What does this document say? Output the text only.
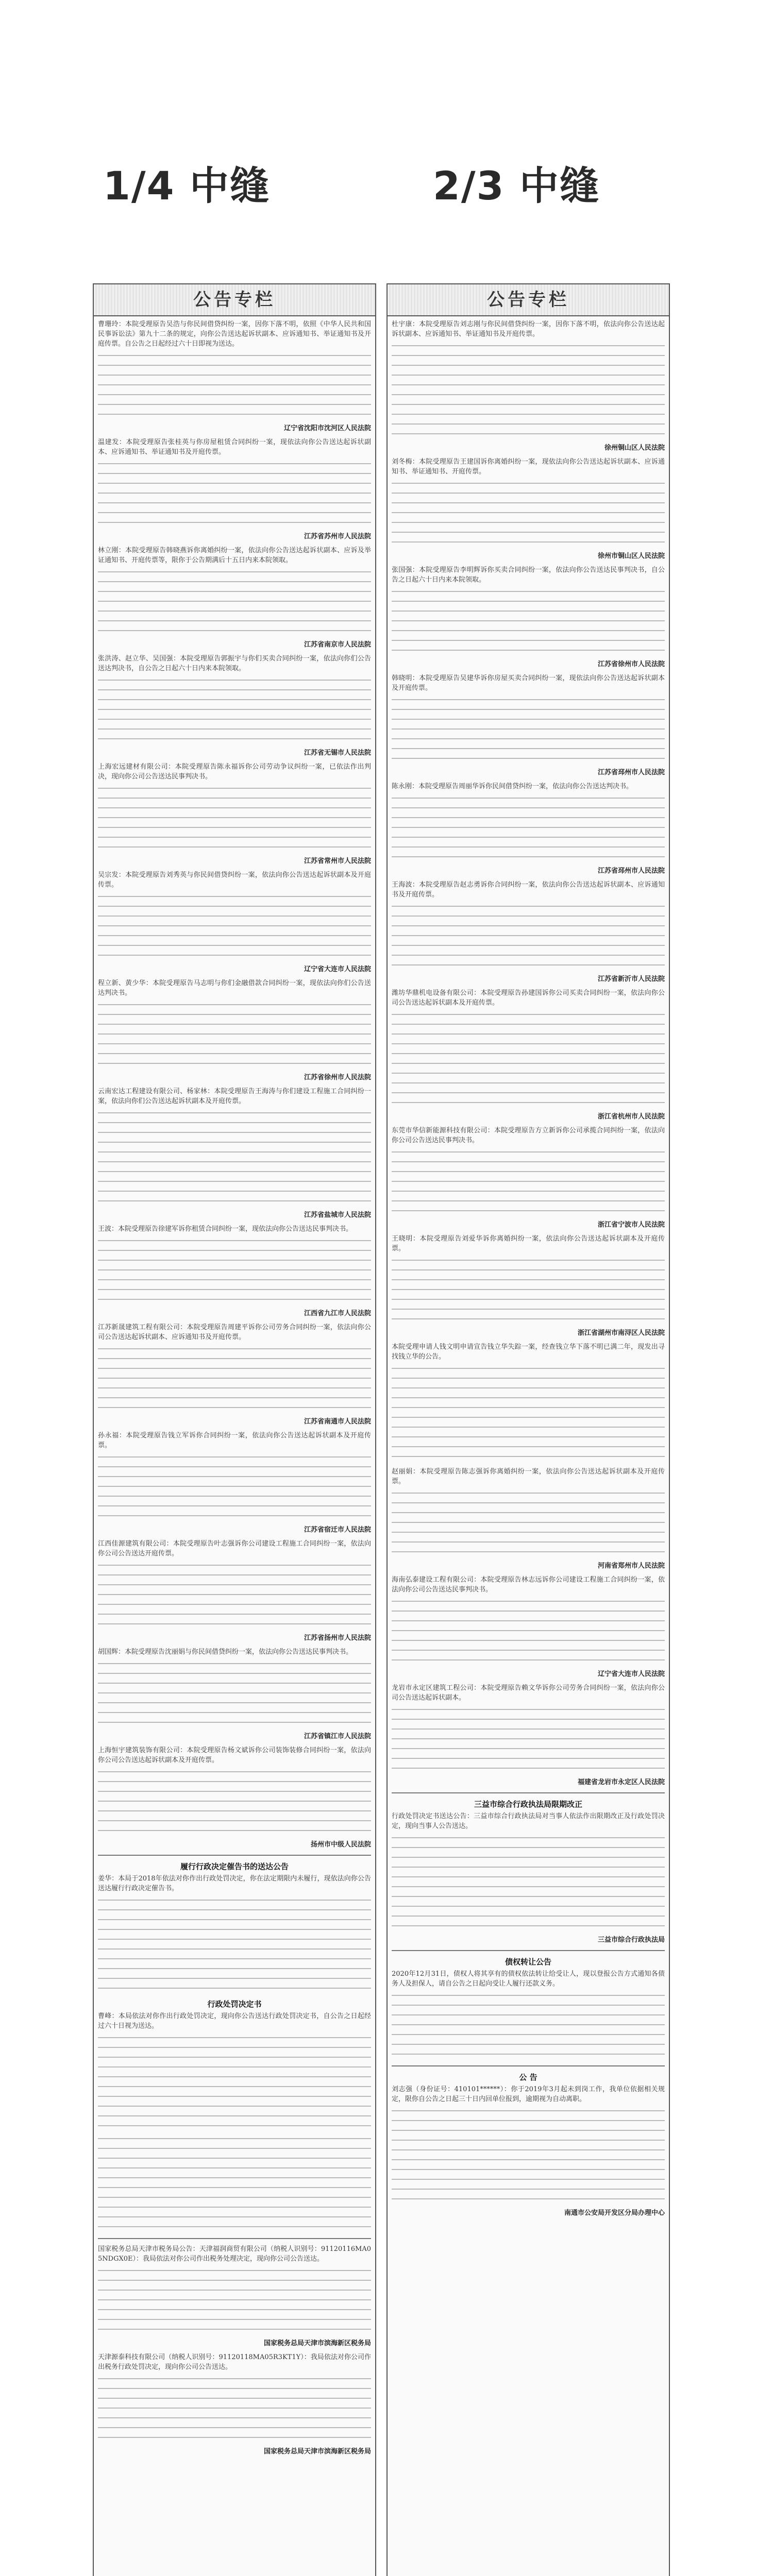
1/4 中缝	2/3 中缝
公告专栏
曹珊玲：本院受理原告吴浩与你民间借贷纠纷一案，因你下落不明，依照《中华人民共和国民事诉讼法》第九十二条的规定，向你公告送达起诉状副本、应诉通知书、举证通知书及开庭传票。自公告之日起经过六十日即视为送达。
辽宁省沈阳市沈河区人民法院
温建发：本院受理原告张桂英与你房屋租赁合同纠纷一案，现依法向你公告送达起诉状副本、应诉通知书、举证通知书及开庭传票。
江苏省苏州市人民法院
林立刚：本院受理原告韩晓燕诉你离婚纠纷一案，依法向你公告送达起诉状副本、应诉及举证通知书、开庭传票等，限你于公告期满后十五日内来本院领取。
江苏省南京市人民法院
张洪涛、赵立华、吴国强：本院受理原告郭振宇与你们买卖合同纠纷一案，依法向你们公告送达判决书，自公告之日起六十日内来本院领取。
江苏省无锡市人民法院
上海宏远建材有限公司：本院受理原告陈永福诉你公司劳动争议纠纷一案，已依法作出判决，现向你公司公告送达民事判决书。
江苏省常州市人民法院
吴宗发：本院受理原告刘秀英与你民间借贷纠纷一案，依法向你公告送达起诉状副本及开庭传票。
辽宁省大连市人民法院
程立新、黄少华：本院受理原告马志明与你们金融借款合同纠纷一案，现依法向你们公告送达判决书。
江苏省徐州市人民法院
云南宏达工程建设有限公司、杨家林：本院受理原告王海涛与你们建设工程施工合同纠纷一案，依法向你们公告送达起诉状副本及开庭传票。
江苏省盐城市人民法院
王波：本院受理原告徐建军诉你租赁合同纠纷一案，现依法向你公告送达民事判决书。
江西省九江市人民法院
江苏新晟建筑工程有限公司：本院受理原告周建平诉你公司劳务合同纠纷一案，依法向你公司公告送达起诉状副本、应诉通知书及开庭传票。
江苏省南通市人民法院
孙永福：本院受理原告钱立军诉你合同纠纷一案，依法向你公告送达起诉状副本及开庭传票。
江苏省宿迁市人民法院
江西佳源建筑有限公司：本院受理原告叶志强诉你公司建设工程施工合同纠纷一案，依法向你公司公告送达开庭传票。
江苏省扬州市人民法院
胡国辉：本院受理原告沈丽娟与你民间借贷纠纷一案，依法向你公告送达民事判决书。
江苏省镇江市人民法院
上海恒宇建筑装饰有限公司：本院受理原告杨文斌诉你公司装饰装修合同纠纷一案，依法向你公司公告送达起诉状副本及开庭传票。
扬州市中级人民法院
履行行政决定催告书的送达公告
姜华：本局于2018年依法对你作出行政处罚决定，你在法定期限内未履行，现依法向你公告送达履行行政决定催告书。
行政处罚决定书
曹峰：本局依法对你作出行政处罚决定，现向你公告送达行政处罚决定书，自公告之日起经过六十日视为送达。
国家税务总局天津市税务局公告：天津福润商贸有限公司（纳税人识别号：91120116MA05NDGX0E）：我局依法对你公司作出税务处理决定，现向你公司公告送达。
国家税务总局天津市滨海新区税务局
天津源泰科技有限公司（纳税人识别号：91120118MA05R3KT1Y）：我局依法对你公司作出税务行政处罚决定，现向你公司公告送达。
国家税务总局天津市滨海新区税务局
公告专栏
杜宇康：本院受理原告刘志刚与你民间借贷纠纷一案，因你下落不明，依法向你公告送达起诉状副本、应诉通知书、举证通知书及开庭传票。
徐州铜山区人民法院
刘冬梅：本院受理原告王建国诉你离婚纠纷一案，现依法向你公告送达起诉状副本、应诉通知书、举证通知书、开庭传票。
徐州市铜山区人民法院
张国强：本院受理原告李明辉诉你买卖合同纠纷一案，依法向你公告送达民事判决书，自公告之日起六十日内来本院领取。
江苏省徐州市人民法院
韩晓明：本院受理原告吴建华诉你房屋买卖合同纠纷一案，现依法向你公告送达起诉状副本及开庭传票。
江苏省邳州市人民法院
陈永刚：本院受理原告周丽华诉你民间借贷纠纷一案，依法向你公告送达判决书。
江苏省邳州市人民法院
王海波：本院受理原告赵志勇诉你合同纠纷一案，依法向你公告送达起诉状副本、应诉通知书及开庭传票。
江苏省新沂市人民法院
潍坊华鼎机电设备有限公司：本院受理原告孙建国诉你公司买卖合同纠纷一案，依法向你公司公告送达起诉状副本及开庭传票。
浙江省杭州市人民法院
东莞市华信新能源科技有限公司：本院受理原告方立新诉你公司承揽合同纠纷一案，依法向你公司公告送达民事判决书。
浙江省宁波市人民法院
王晓明：本院受理原告刘爱华诉你离婚纠纷一案，依法向你公告送达起诉状副本及开庭传票。
浙江省湖州市南浔区人民法院
本院受理申请人钱文明申请宣告钱立华失踪一案，经查钱立华下落不明已满二年，现发出寻找钱立华的公告。
赵丽娟：本院受理原告陈志强诉你离婚纠纷一案，依法向你公告送达起诉状副本及开庭传票。
河南省郑州市人民法院
海南弘泰建设工程有限公司：本院受理原告林志远诉你公司建设工程施工合同纠纷一案，依法向你公司公告送达民事判决书。
辽宁省大连市人民法院
龙岩市永定区建筑工程公司：本院受理原告赖文华诉你公司劳务合同纠纷一案，依法向你公司公告送达起诉状副本。
福建省龙岩市永定区人民法院
三益市综合行政执法局限期改正
行政处罚决定书送达公告：三益市综合行政执法局对当事人依法作出限期改正及行政处罚决定，现向当事人公告送达。
三益市综合行政执法局
债权转让公告
2020年12月31日，债权人将其享有的债权依法转让给受让人，现以登报公告方式通知各债务人及担保人，请自公告之日起向受让人履行还款义务。
公 告
刘志强（身份证号：410101******）：你于2019年3月起未到岗工作，我单位依据相关规定，限你自公告之日起三十日内回单位报到，逾期视为自动离职。
南通市公安局开发区分局办理中心
